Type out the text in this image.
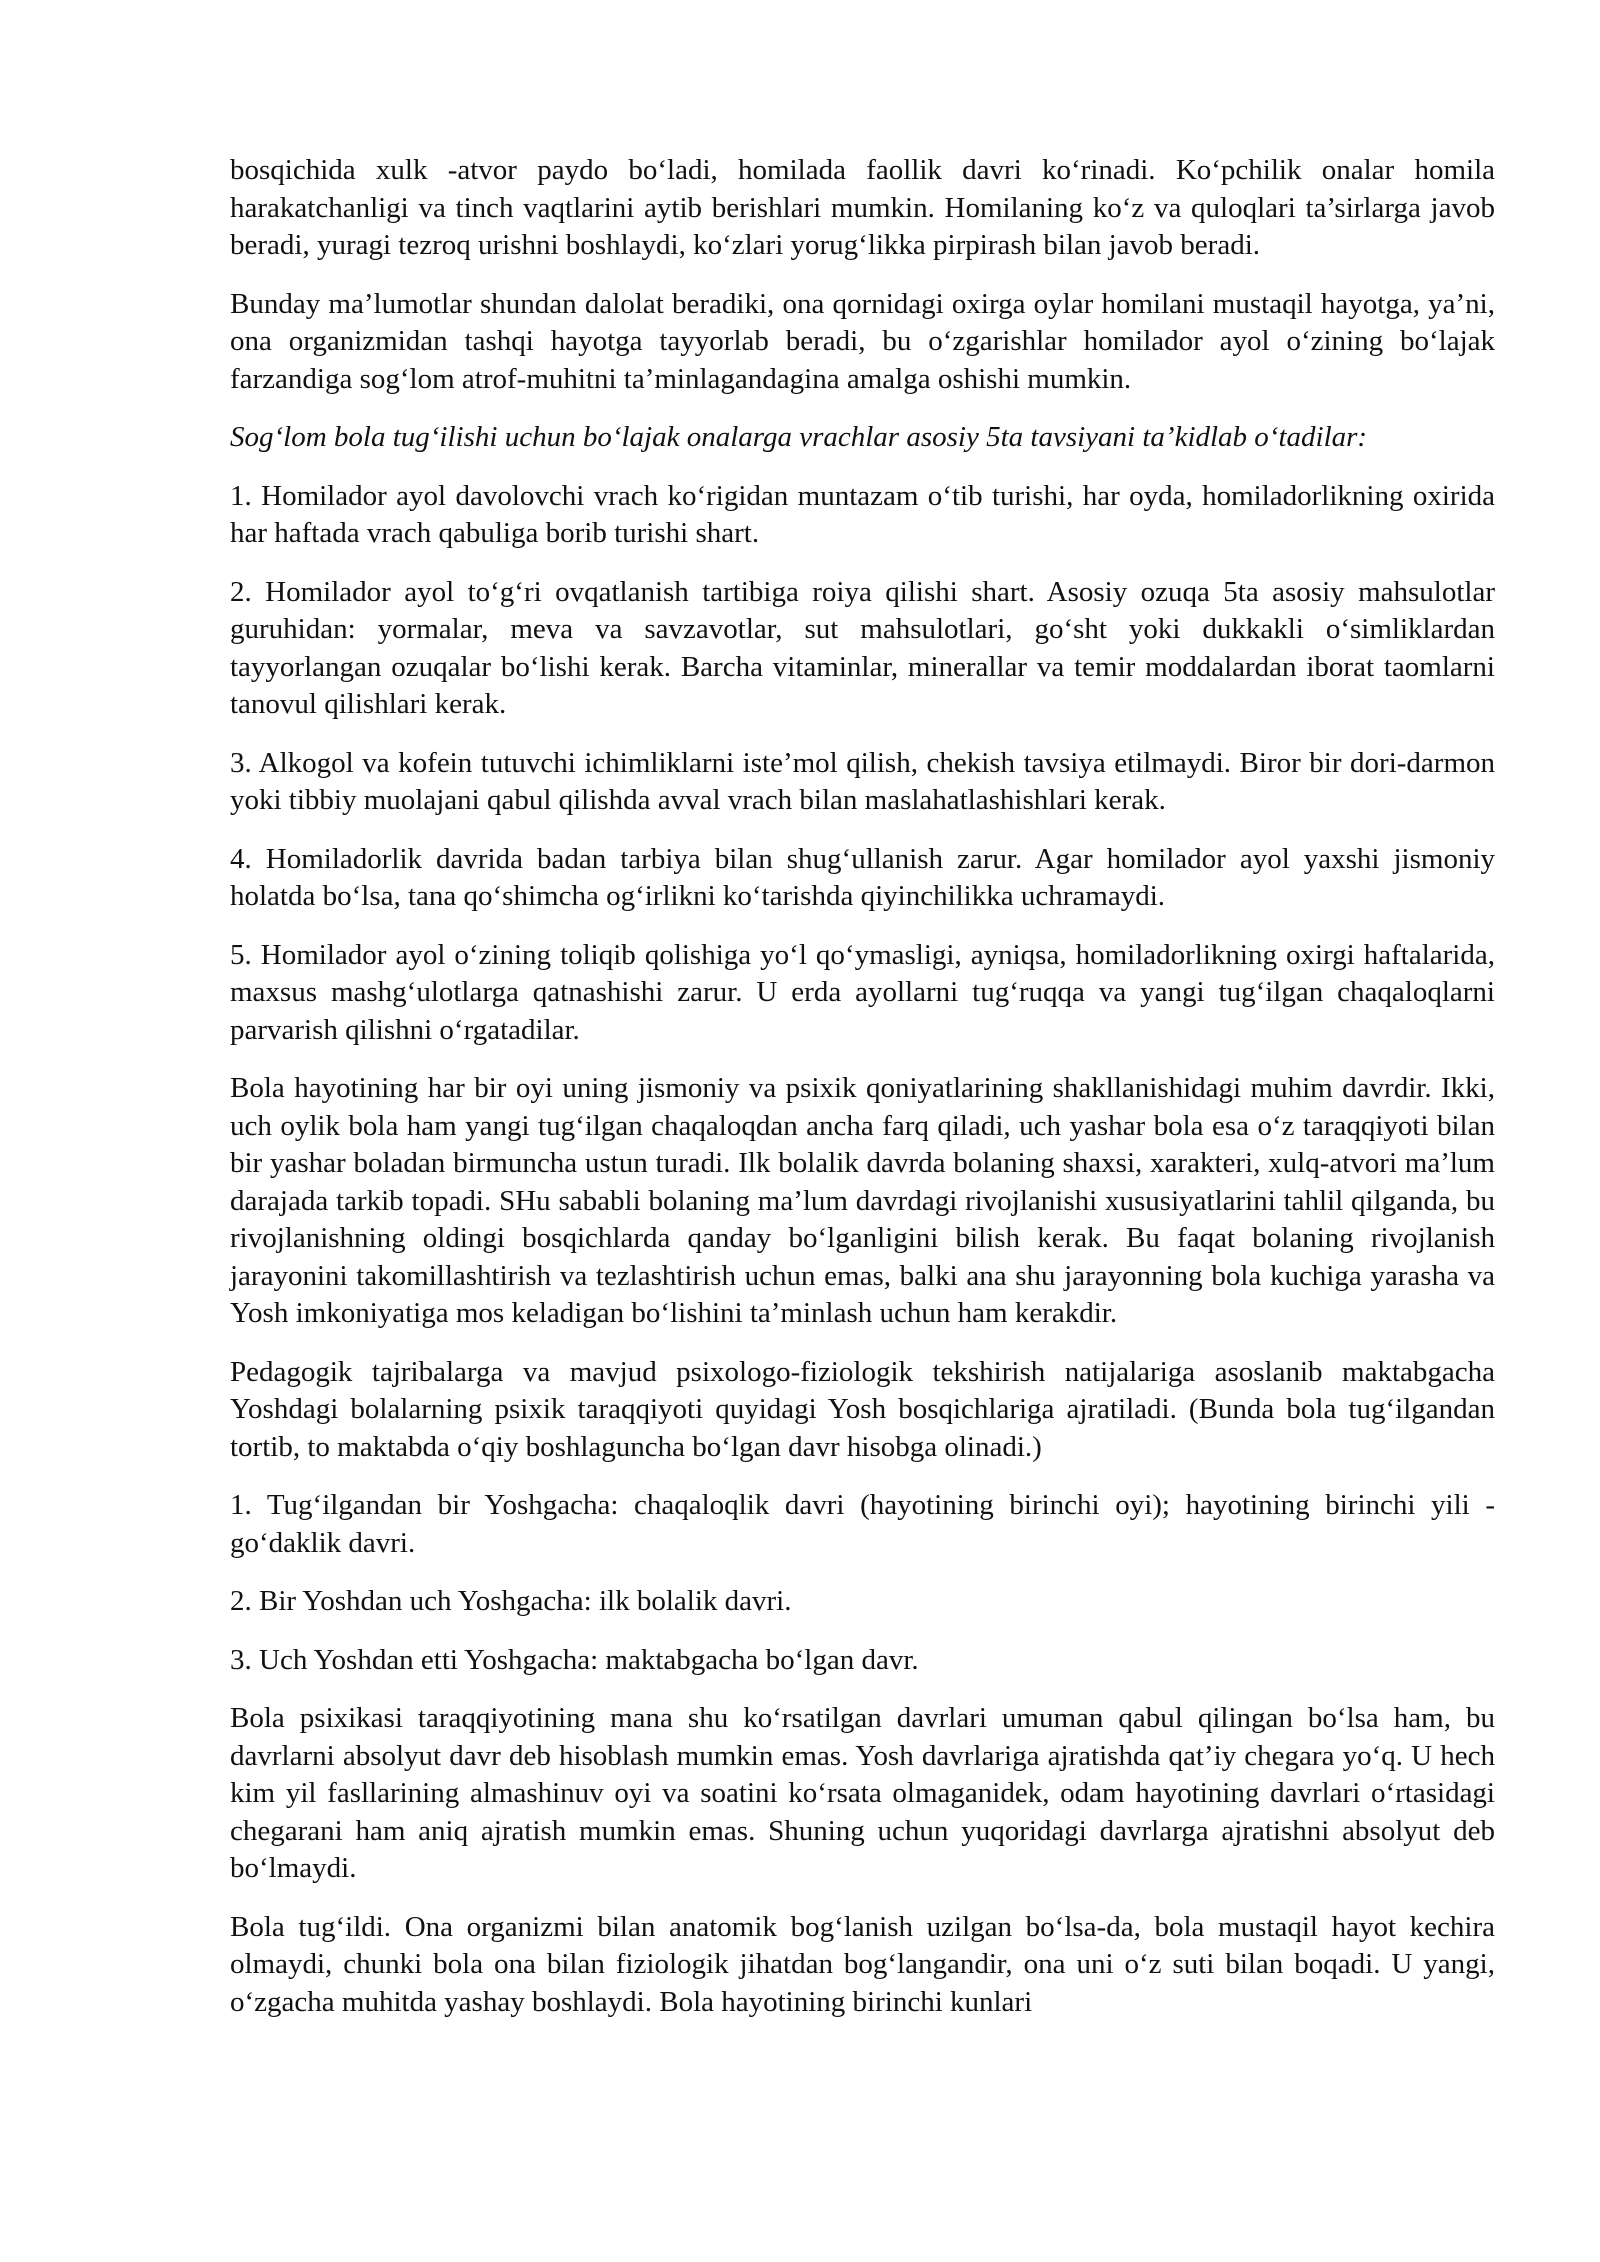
bosqichida xulk -atvor paydo bo‘ladi, homilada faollik davri ko‘rinadi. Ko‘pchilik onalar homila harakatchanligi va tinch vaqtlarini aytib berishlari mumkin. Homilaning ko‘z va quloqlari ta’sirlarga javob beradi, yuragi tezroq urishni boshlaydi, ko‘zlari yorug‘likka pirpirash bilan javob beradi.

Bunday ma’lumotlar shundan dalolat beradiki, ona qornidagi oxirga oylar homilani mustaqil hayotga, ya’ni, ona organizmidan tashqi hayotga tayyorlab beradi, bu o‘zgarishlar homilador ayol o‘zining bo‘lajak farzandiga sog‘lom atrof-muhitni ta’minlagandagina amalga oshishi mumkin.

Sog‘lom bola tug‘ilishi uchun bo‘lajak onalarga vrachlar asosiy 5ta tavsiyani ta’kidlab o‘tadilar:

1. Homilador ayol davolovchi vrach ko‘rigidan muntazam o‘tib turishi, har oyda, homiladorlikning oxirida har haftada vrach qabuliga borib turishi shart.

2. Homilador ayol to‘g‘ri ovqatlanish tartibiga roiya qilishi shart. Asosiy ozuqa 5ta asosiy mahsulotlar guruhidan: yormalar, meva va savzavotlar, sut mahsulotlari, go‘sht yoki dukkakli o‘simliklardan tayyorlangan ozuqalar bo‘lishi kerak. Barcha vitaminlar, minerallar va temir moddalardan iborat taomlarni tanovul qilishlari kerak.

3. Alkogol va kofein tutuvchi ichimliklarni iste’mol qilish, chekish tavsiya etilmaydi. Biror bir dori-darmon yoki tibbiy muolajani qabul qilishda avval vrach bilan maslahatlashishlari kerak.

4. Homiladorlik davrida badan tarbiya bilan shug‘ullanish zarur. Agar homilador ayol yaxshi jismoniy holatda bo‘lsa, tana qo‘shimcha og‘irlikni ko‘tarishda qiyinchilikka uchramaydi.

5. Homilador ayol o‘zining toliqib qolishiga yo‘l qo‘ymasligi, ayniqsa, homiladorlikning oxirgi haftalarida, maxsus mashg‘ulotlarga qatnashishi zarur. U erda ayollarni tug‘ruqqa va yangi tug‘ilgan chaqaloqlarni parvarish qilishni o‘rgatadilar.

Bola hayotining har bir oyi uning jismoniy va psixik qoniyatlarining shakllanishidagi muhim davrdir. Ikki, uch oylik bola ham yangi tug‘ilgan chaqaloqdan ancha farq qiladi, uch yashar bola esa o‘z taraqqiyoti bilan bir yashar boladan birmuncha ustun turadi. Ilk bolalik davrda bolaning shaxsi, xarakteri, xulq-atvori ma’lum darajada tarkib topadi. SHu sababli bolaning ma’lum davrdagi rivojlanishi xususiyatlarini tahlil qilganda, bu rivojlanishning oldingi bosqichlarda qanday bo‘lganligini bilish kerak. Bu faqat bolaning rivojlanish jarayonini takomillashtirish va tezlashtirish uchun emas, balki ana shu jarayonning bola kuchiga yarasha va Yosh imkoniyatiga mos keladigan bo‘lishini ta’minlash uchun ham kerakdir.

Pedagogik tajribalarga va mavjud psixologo-fiziologik tekshirish natijalariga asoslanib maktabgacha Yoshdagi bolalarning psixik taraqqiyoti quyidagi Yosh bosqichlariga ajratiladi. (Bunda bola tug‘ilgandan tortib, to maktabda o‘qiy boshlaguncha bo‘lgan davr hisobga olinadi.)

1. Tug‘ilgandan bir Yoshgacha: chaqaloqlik davri (hayotining birinchi oyi); hayotining birinchi yili - go‘daklik davri.

2. Bir Yoshdan uch Yoshgacha: ilk bolalik davri.

3. Uch Yoshdan etti Yoshgacha: maktabgacha bo‘lgan davr.

Bola psixikasi taraqqiyotining mana shu ko‘rsatilgan davrlari umuman qabul qilingan bo‘lsa ham, bu davrlarni absolyut davr deb hisoblash mumkin emas. Yosh davrlariga ajratishda qat’iy chegara yo‘q. U hech kim yil fasllarining almashinuv oyi va soatini ko‘rsata olmaganidek, odam hayotining davrlari o‘rtasidagi chegarani ham aniq ajratish mumkin emas. Shuning uchun yuqoridagi davrlarga ajratishni absolyut deb bo‘lmaydi.

Bola tug‘ildi. Ona organizmi bilan anatomik bog‘lanish uzilgan bo‘lsa-da, bola mustaqil hayot kechira olmaydi, chunki bola ona bilan fiziologik jihatdan bog‘langandir, ona uni o‘z suti bilan boqadi. U yangi, o‘zgacha muhitda yashay boshlaydi. Bola hayotining birinchi kunlari
